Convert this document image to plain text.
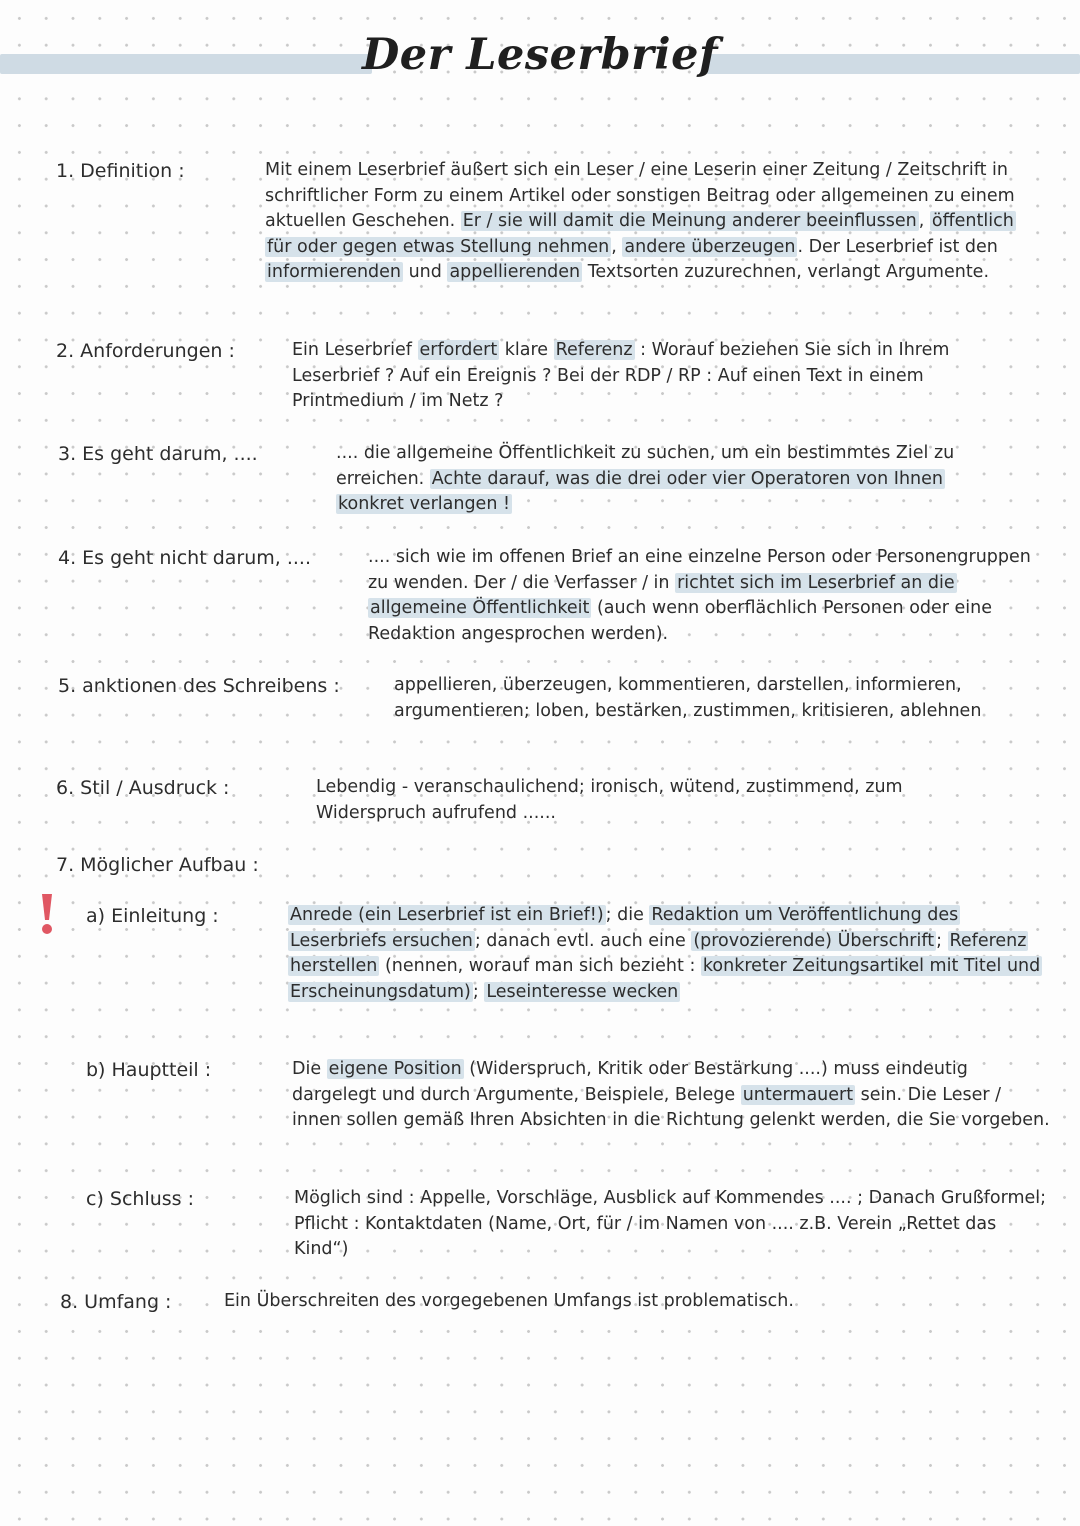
Der Leserbrief
1. Definition :	Mit einem Leserbrief äußert sich ein Leser / eine Leserin einer Zeitung / Zeitschrift in schriftlicher Form zu einem Artikel oder sonstigen Beitrag oder allgemeinen zu einem aktuellen Geschehen. Er / sie will damit die Meinung anderer beeinflussen , öffentlich für oder gegen etwas Stellung nehmen , andere überzeugen . Der Leserbrief ist den informierenden und appellierenden Textsorten zuzurechnen, verlangt Argumente.
2. Anforderungen :	Ein Leserbrief erfordert klare Referenz : Worauf beziehen Sie sich in Ihrem Leserbrief ? Auf ein Ereignis ? Bei der RDP / RP : Auf einen Text in einem Printmedium / im Netz ?
3. Es geht darum, ....	.... die allgemeine Öffentlichkeit zu suchen, um ein bestimmtes Ziel zu erreichen. Achte darauf, was die drei oder vier Operatoren von Ihnen konkret verlangen !
4. Es geht nicht darum, ....	.... sich wie im offenen Brief an eine einzelne Person oder Personengruppen zu wenden. Der / die Verfasser / in richtet sich im Leserbrief an die allgemeine Öffentlichkeit (auch wenn oberflächlich Personen oder eine Redaktion angesprochen werden).
5. anktionen des Schreibens :	appellieren, überzeugen, kommentieren, darstellen, informieren, argumentieren; loben, bestärken, zustimmen, kritisieren, ablehnen
6. Stil / Ausdruck :	Lebendig - veranschaulichend; ironisch, wütend, zustimmend, zum Widerspruch aufrufend ......
7. Möglicher Aufbau :
a) Einleitung :	Anrede (ein Leserbrief ist ein Brief!) ; die Redaktion um Veröffentlichung des Leserbriefs ersuchen ; danach evtl. auch eine (provozierende) Überschrift ; Referenz herstellen (nennen, worauf man sich bezieht : konkreter Zeitungsartikel mit Titel und Erscheinungsdatum) ; Leseinteresse wecken
b) Hauptteil :	Die eigene Position (Widerspruch, Kritik oder Bestärkung ....) muss eindeutig dargelegt und durch Argumente, Beispiele, Belege untermauert sein. Die Leser / innen sollen gemäß Ihren Absichten in die Richtung gelenkt werden, die Sie vorgeben.
c) Schluss :	Möglich sind : Appelle, Vorschläge, Ausblick auf Kommendes .... ; Danach Grußformel; Pflicht : Kontaktdaten (Name, Ort, für / im Namen von .... z.B. Verein „Rettet das Kind“)
8. Umfang :	Ein Überschreiten des vorgegebenen Umfangs ist problematisch.
